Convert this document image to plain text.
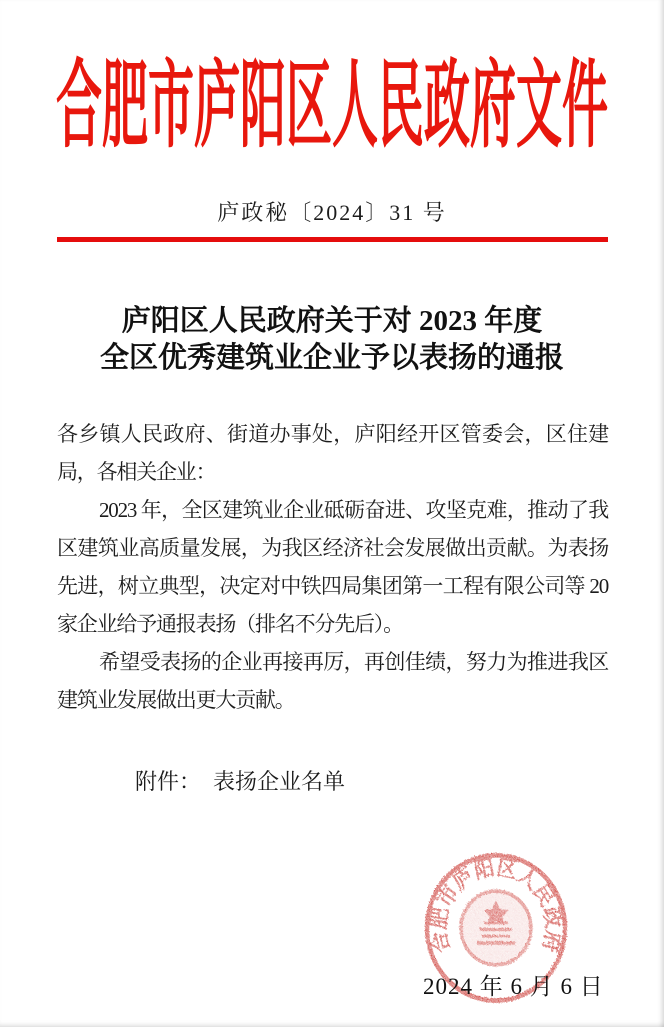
合肥市庐阳区人民政府文件
庐政秘〔2024〕31 号
庐阳区人民政府关于对 2023 年度
全区优秀建筑业企业予以表扬的通报

各乡镇人民政府、街道办事处，庐阳经开区管委会，区住建局，各相关企业：

2023 年，全区建筑业企业砥砺奋进、攻坚克难，推动了我区建筑业高质量发展，为我区经济社会发展做出贡献。为表扬先进，树立典型，决定对中铁四局集团第一工程有限公司等 20 家企业给予通报表扬（排名不分先后）。

希望受表扬的企业再接再厉，再创佳绩，努力为推进我区建筑业发展做出更大贡献。

附件： 表扬企业名单
合肥市庐阳区人民政府
2024 年 6 月 6 日
